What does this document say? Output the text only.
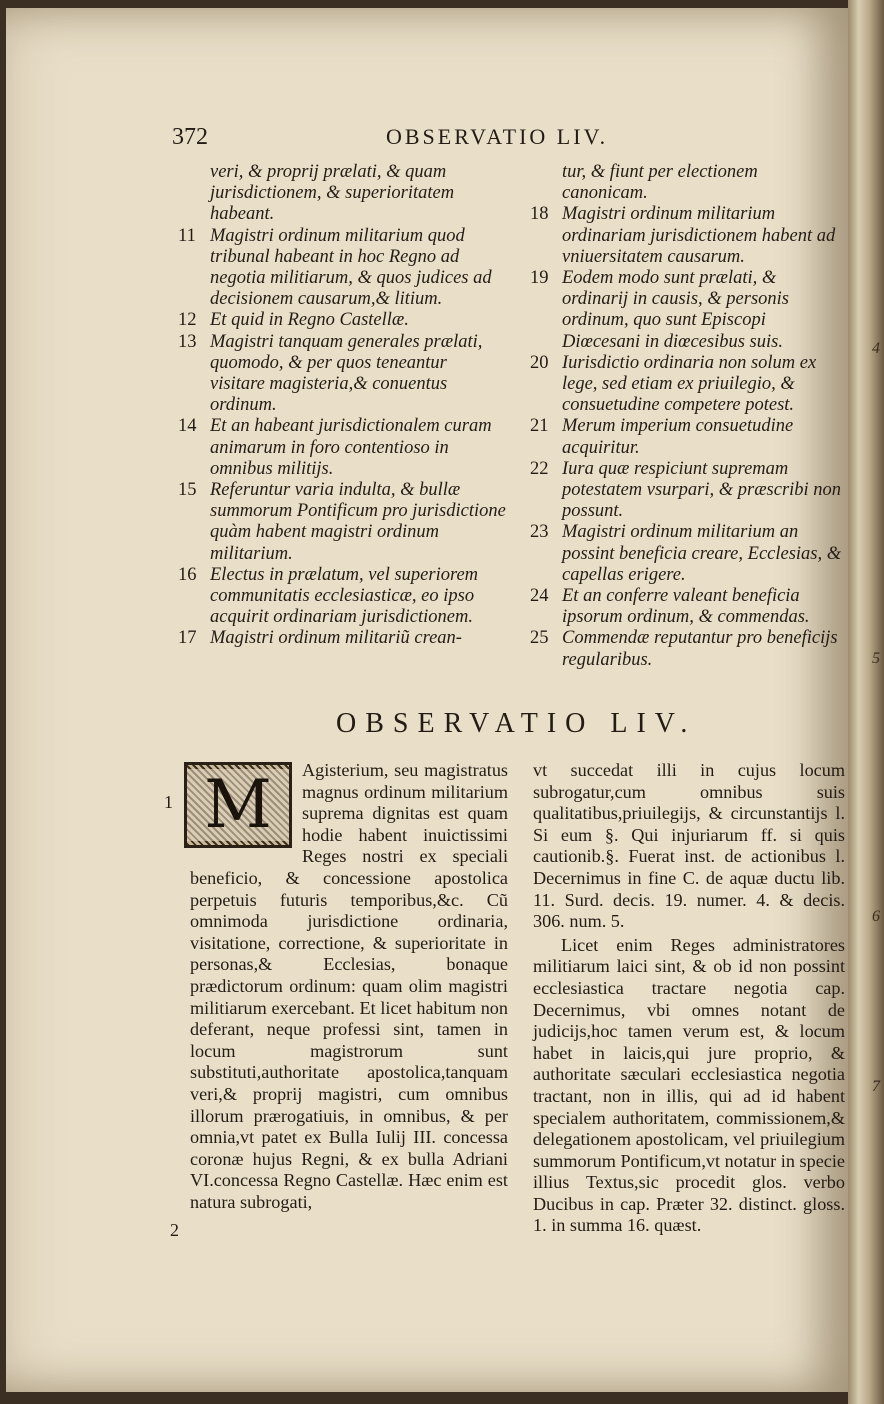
372	OBSERVATIO LIV.
veri, & proprij prælati, & quam jurisdictionem, & superioritatem habeant.
11 Magistri ordinum militarium quod tribunal habeant in hoc Regno ad negotia militiarum, & quos judices ad decisionem causarum,& litium.
12 Et quid in Regno Castellæ.
13 Magistri tanquam generales prælati, quomodo, & per quos teneantur visitare magisteria,& conuentus ordinum.
14 Et an habeant jurisdictionalem curam animarum in foro contentioso in omnibus militijs.
15 Referuntur varia indulta, & bullæ summorum Pontificum pro jurisdictione quàm habent magistri ordinum militarium.
16 Electus in prælatum, vel superiorem communitatis ecclesiasticæ, eo ipso acquirit ordinariam jurisdictionem.
17 Magistri ordinum militariũ crean-
tur, & fiunt per electionem canonicam.
18 Magistri ordinum militarium ordinariam jurisdictionem habent ad vniuersitatem causarum.
19 Eodem modo sunt prælati, & ordinarij in causis, & personis ordinum, quo sunt Episcopi Diœcesani in diœcesibus suis.
20 Iurisdictio ordinaria non solum ex lege, sed etiam ex priuilegio, & consuetudine competere potest.
21 Merum imperium consuetudine acquiritur.
22 Iura quæ respiciunt supremam potestatem vsurpari, & præscribi non possunt.
23 Magistri ordinum militarium an possint beneficia creare, Ecclesias, & capellas erigere.
24 Et an conferre valeant beneficia ipsorum ordinum, & commendas.
25 Commendæ reputantur pro beneficijs regularibus.
OBSERVATIO LIV.
1
2
M	Agisterium, seu magistratus magnus ordinum militarium suprema dignitas est quam hodie habent inuictissimi Reges nostri ex speciali beneficio, & concessione apostolica perpetuis futuris temporibus,&c. Cũ omnimoda jurisdictione ordinaria, visitatione, correctione, & superioritate in personas,& Ecclesias, bonaque prædictorum ordinum: quam olim magistri militiarum exercebant. Et licet habitum non deferant, neque professi sint, tamen in locum magistrorum sunt substituti,authoritate apostolica,tanquam veri,& proprij magistri, cum omnibus illorum prærogatiuis, in omnibus, & per omnia,vt patet ex Bulla Iulij III. concessa coronæ hujus Regni, & ex bulla Adriani VI.concessa Regno Castellæ. Hæc enim est natura subrogati,

vt succedat illi in cujus locum subrogatur,cum omnibus suis qualitatibus,priuilegijs, & circunstantijs l. Si eum §. Qui injuriarum ff. si quis cautionib.§. Fuerat inst. de actionibus l. Decernimus in fine C. de aquæ ductu lib. 11. Surd. decis. 19. numer. 4. & decis. 306. num. 5.

Licet enim Reges administratores militiarum laici sint, & ob id non possint ecclesiastica tractare negotia cap. Decernimus, vbi omnes notant de judicijs,hoc tamen verum est, & locum habet in laicis,qui jure proprio, & authoritate sæculari ecclesiastica negotia tractant, non in illis, qui ad id habent specialem authoritatem, commissionem,& delegationem apostolicam, vel priuilegium summorum Pontificum,vt notatur in specie illius Textus,sic procedit glos. verbo Ducibus in cap. Præter 32. distinct. gloss. 1. in summa 16. quæst.

4
5
6
7
